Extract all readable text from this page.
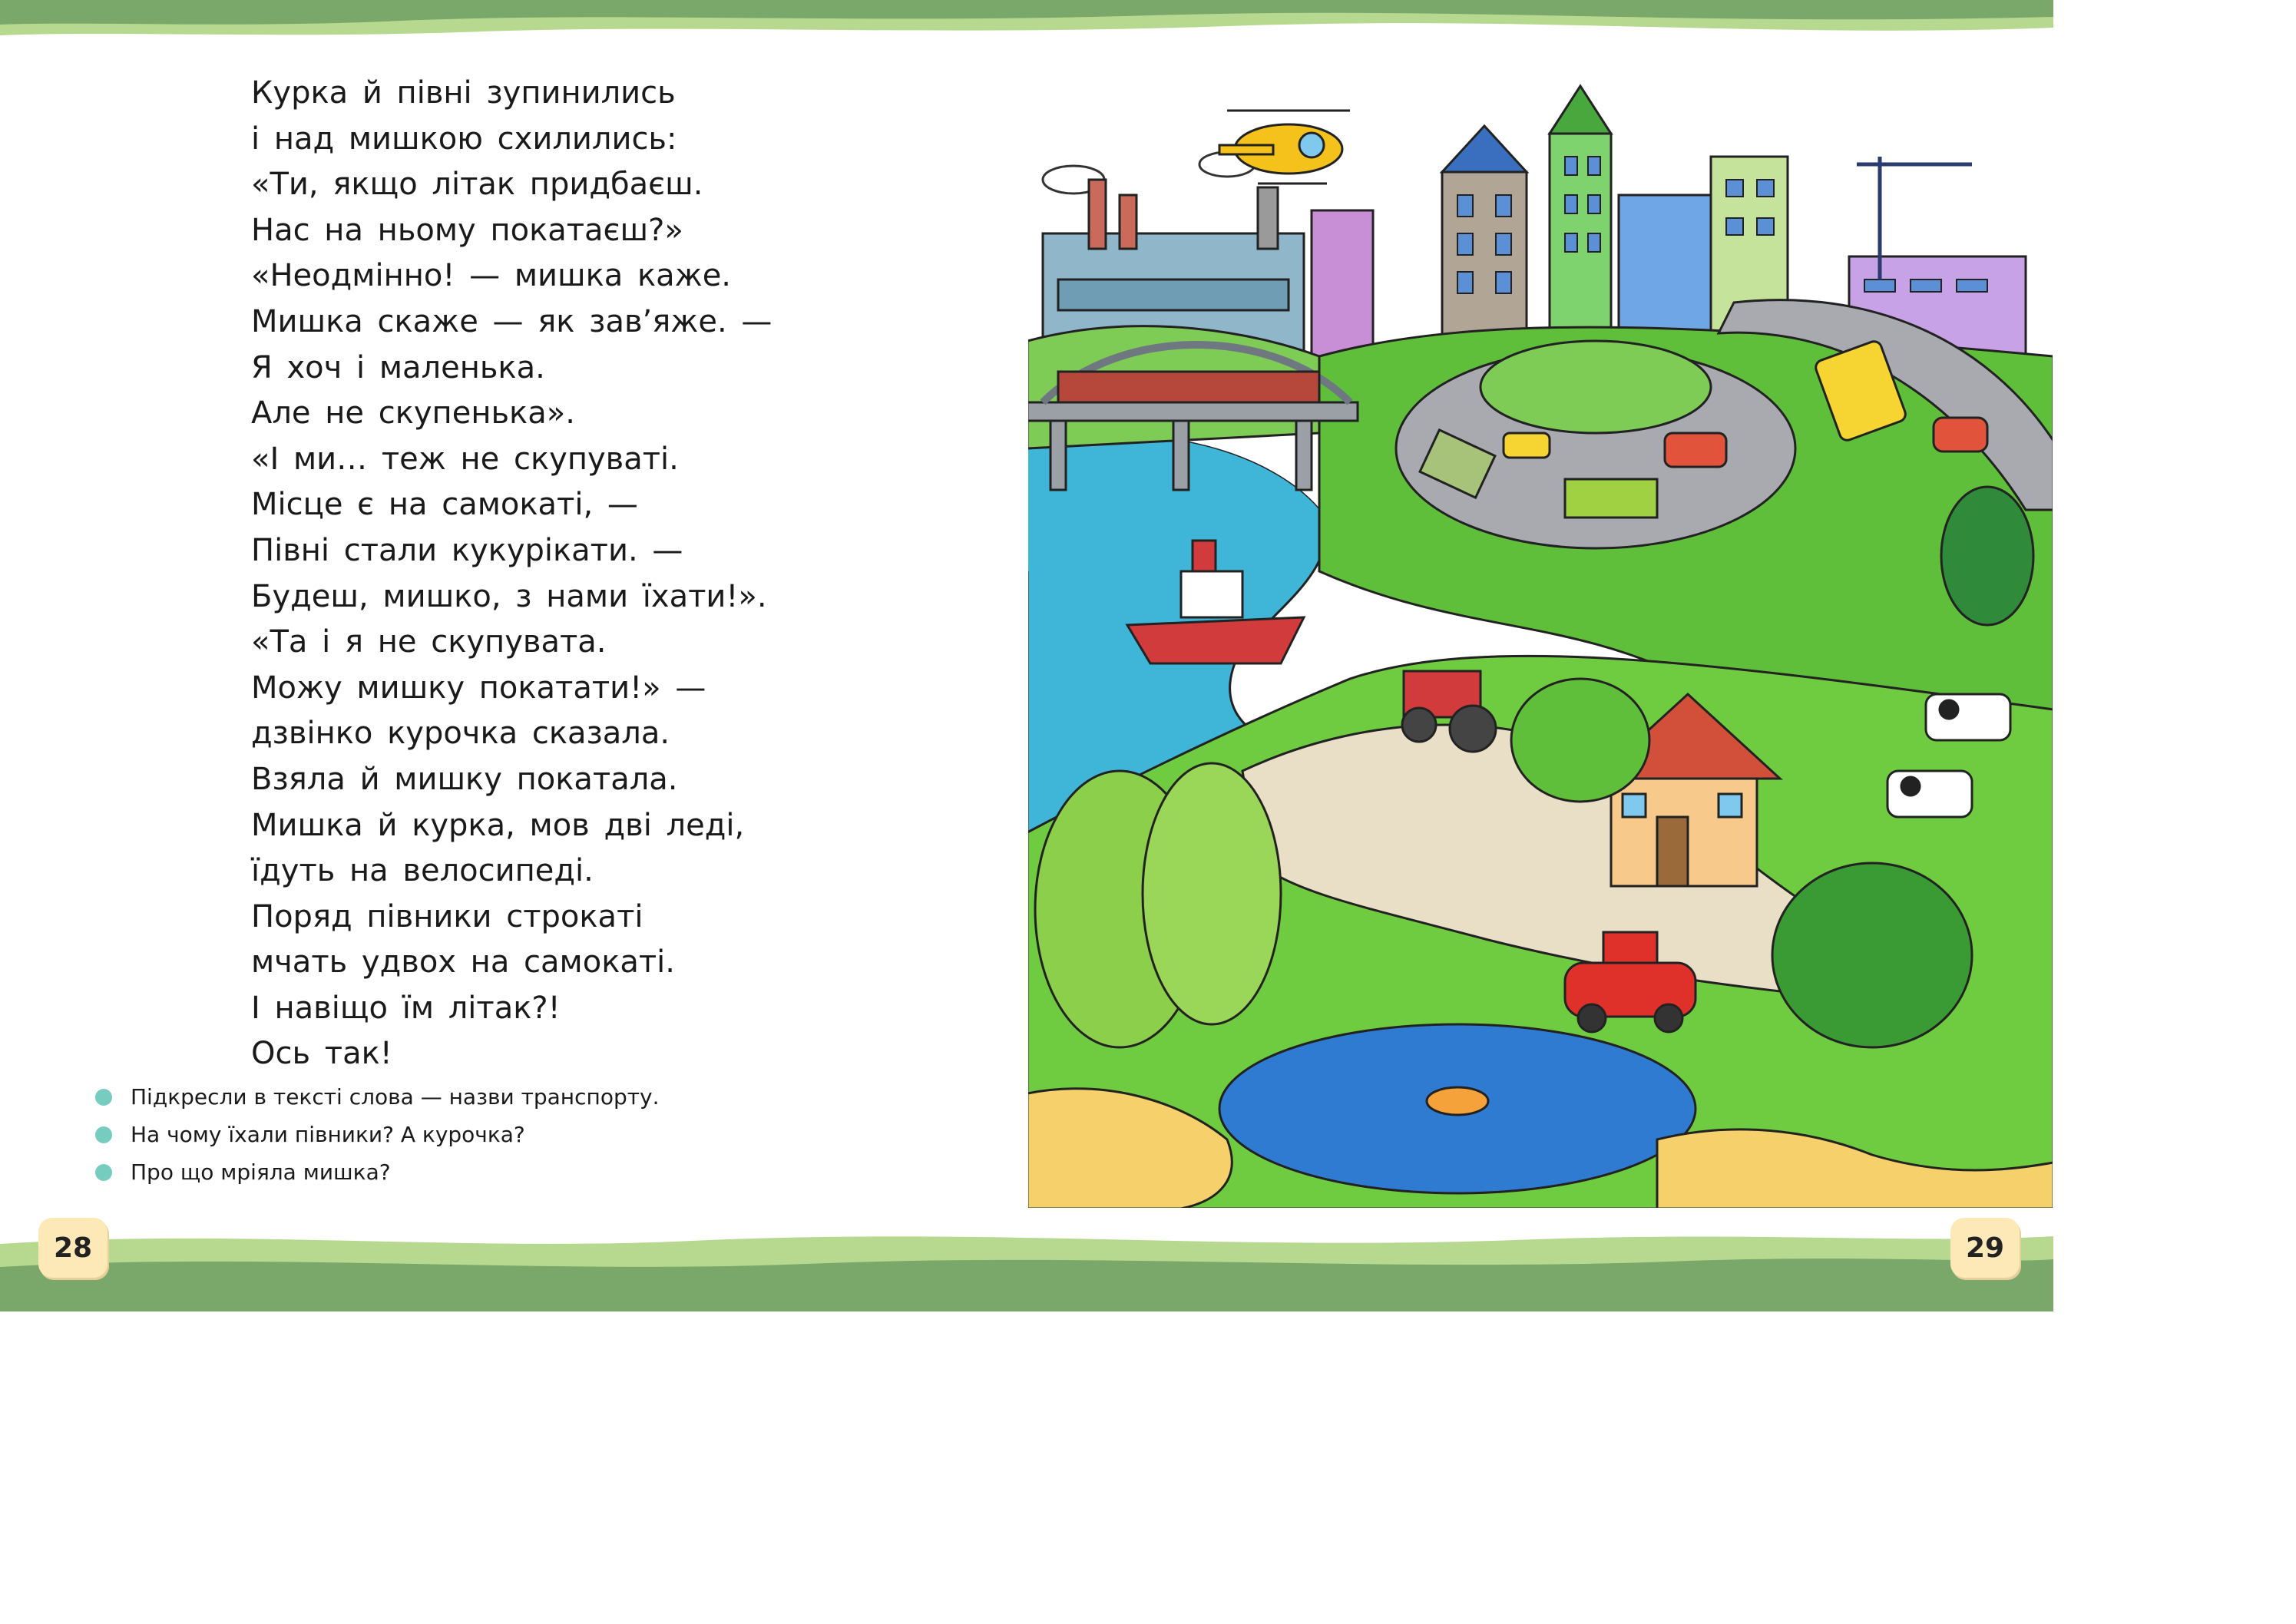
Курка й півні зупинились
і над мишкою схилились:
«Ти, якщо літак придбаєш.
Нас на ньому покатаєш?»
«Неодмінно! — мишка каже.
Мишка скаже — як зав’яже. —
Я хоч і маленька.
Але не скупенька».
«І ми… теж не скупуваті.
Місце є на самокаті, —
Півні стали кукурікати. —
Будеш, мишко, з нами їхати!».
«Та і я не скупувата.
Можу мишку покатати!» —
дзвінко курочка сказала.
Взяла й мишку покатала.
Мишка й курка, мов дві леді,
їдуть на велосипеді.
Поряд півники строкаті
мчать удвох на самокаті.
І навіщо їм літак?!
Ось так!
Підкресли в тексті слова — назви транспорту.
На чому їхали півники? А курочка?
Про що мріяла мишка?
28	29
